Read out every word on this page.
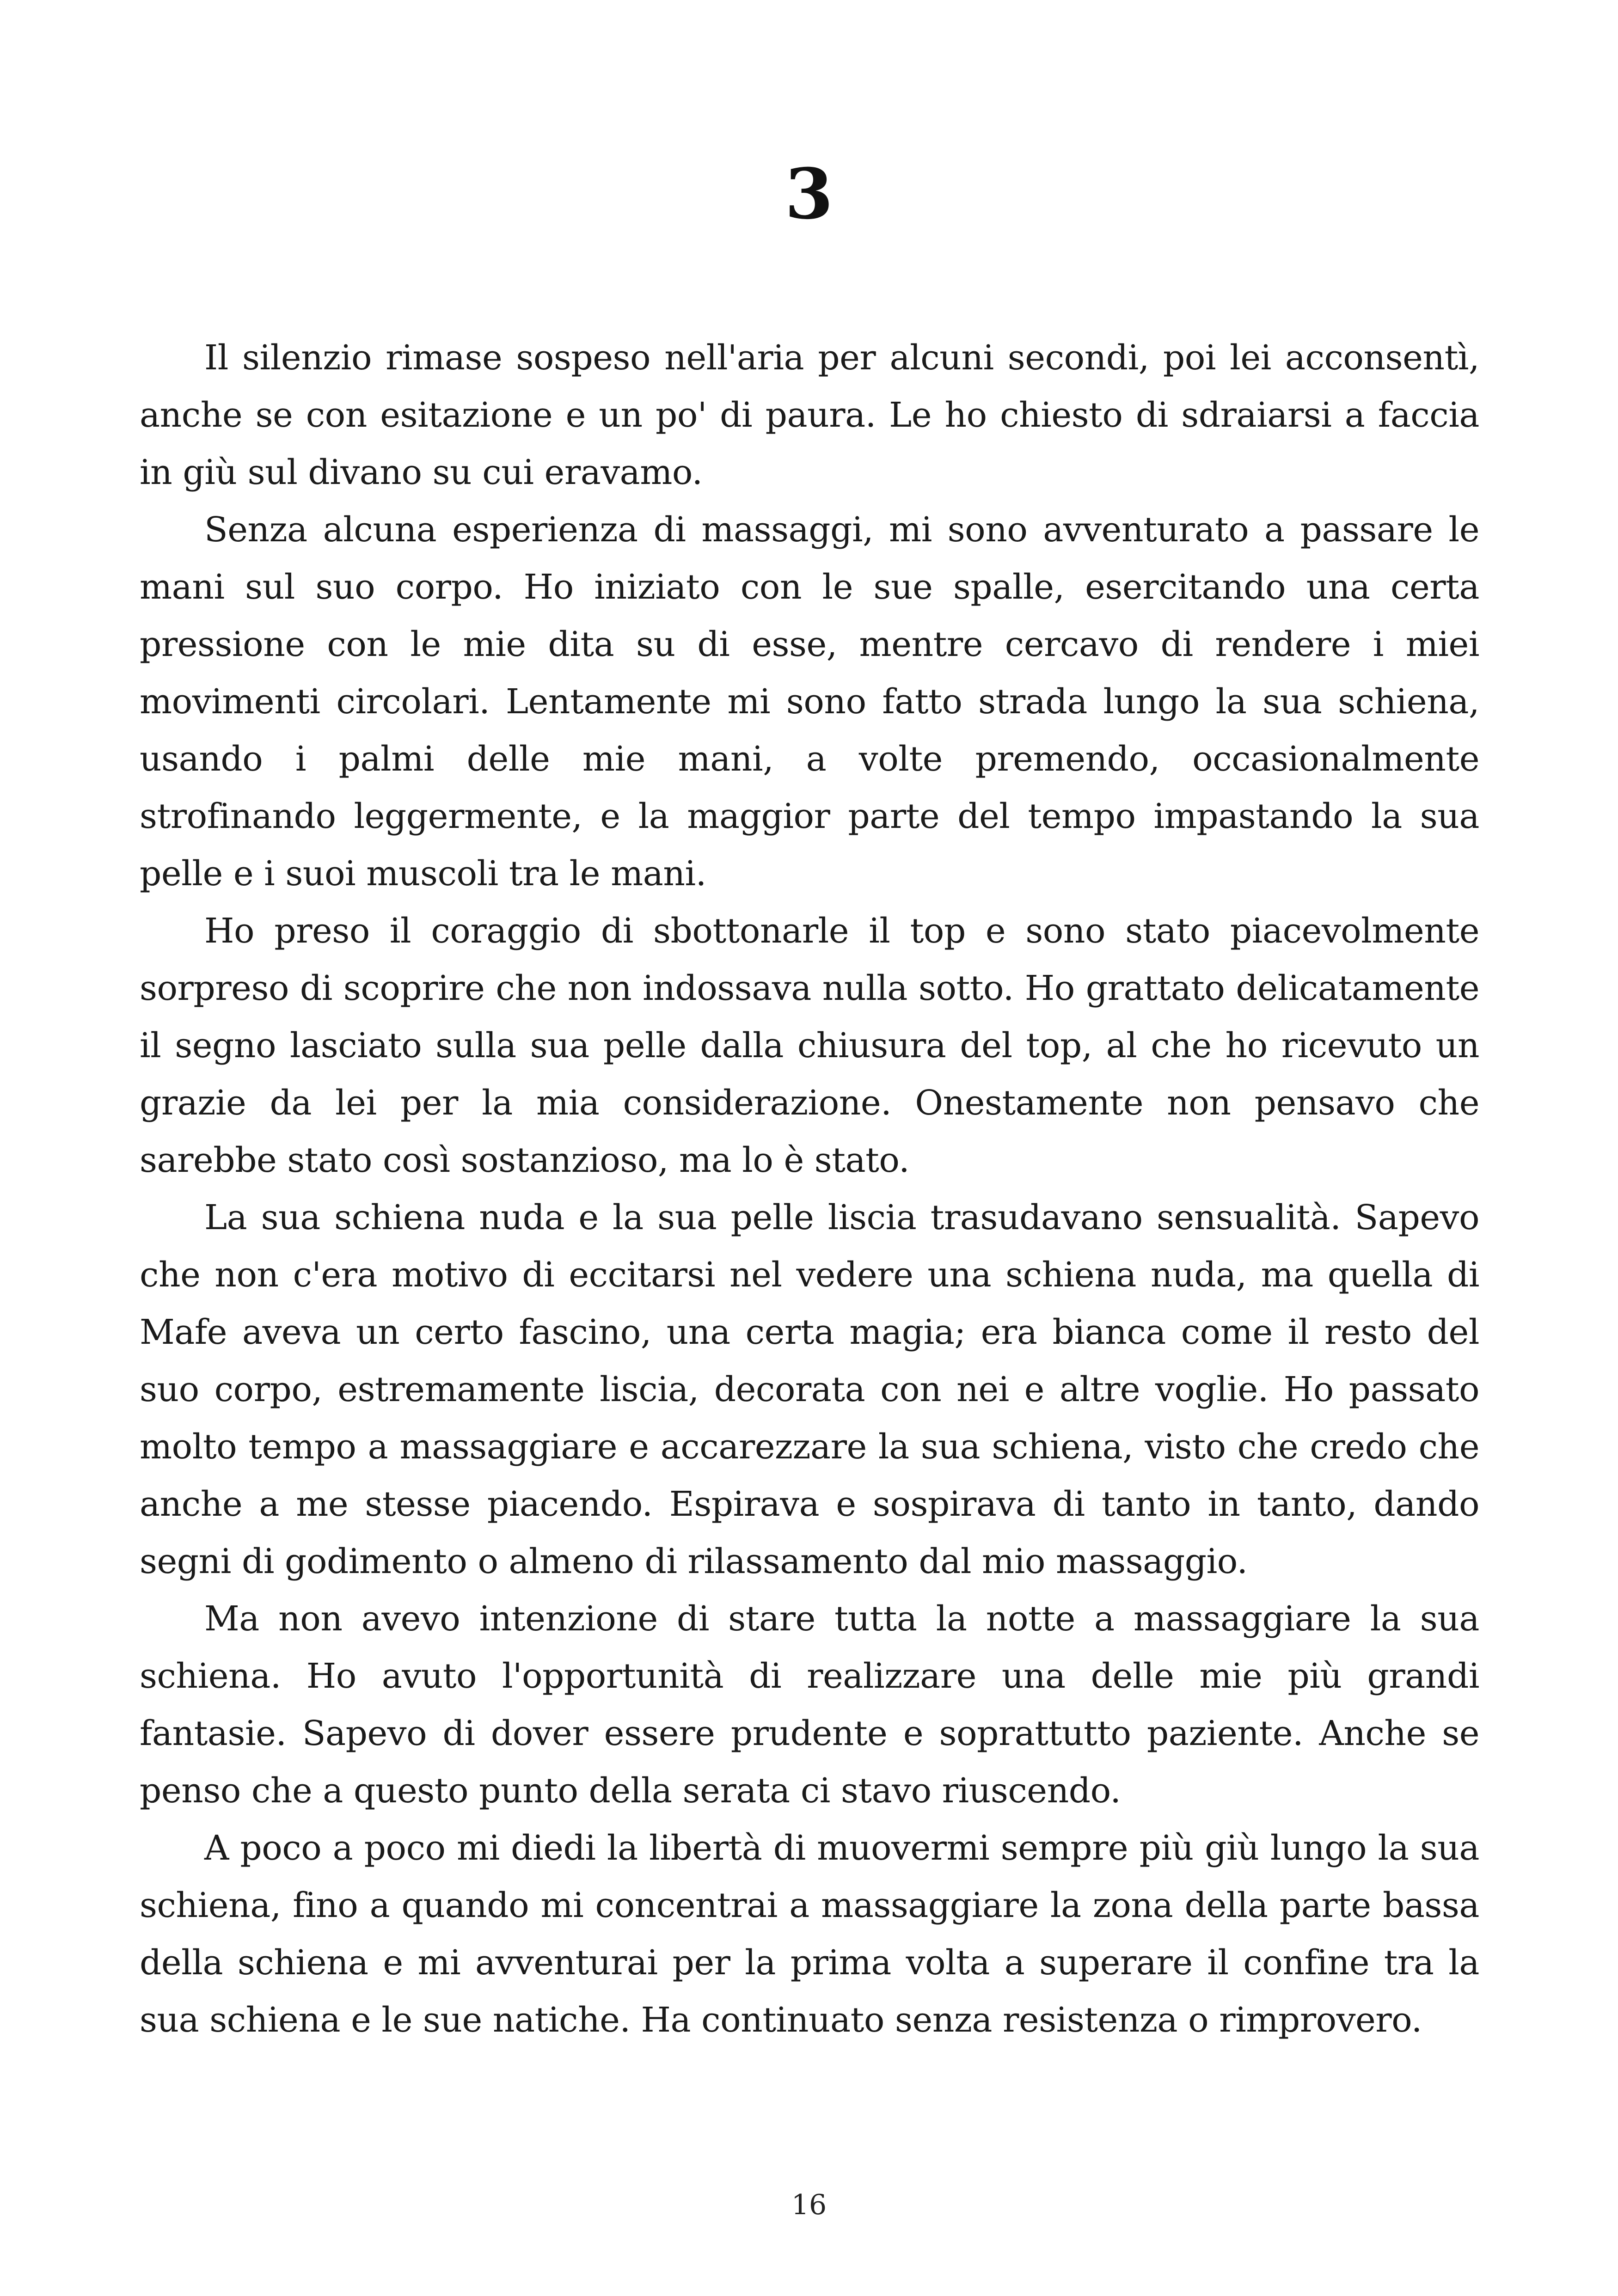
3

Il silenzio rimase sospeso nell'aria per alcuni secondi, poi lei acconsentì, anche se con esitazione e un po' di paura. Le ho chiesto di sdraiarsi a faccia in giù sul divano su cui eravamo.

Senza alcuna esperienza di massaggi, mi sono avventurato a passare le mani sul suo corpo. Ho iniziato con le sue spalle, esercitando una certa pressione con le mie dita su di esse, mentre cercavo di rendere i miei movimenti circolari. Lentamente mi sono fatto strada lungo la sua schiena, usando i palmi delle mie mani, a volte premendo, occasionalmente strofinando leggermente, e la maggior parte del tempo impastando la sua pelle e i suoi muscoli tra le mani.

Ho preso il coraggio di sbottonarle il top e sono stato piacevolmente sorpreso di scoprire che non indossava nulla sotto. Ho grattato delicatamente il segno lasciato sulla sua pelle dalla chiusura del top, al che ho ricevuto un grazie da lei per la mia considerazione. Onestamente non pensavo che sarebbe stato così sostanzioso, ma lo è stato.

La sua schiena nuda e la sua pelle liscia trasudavano sensualità. Sapevo che non c'era motivo di eccitarsi nel vedere una schiena nuda, ma quella di Mafe aveva un certo fascino, una certa magia; era bianca come il resto del suo corpo, estremamente liscia, decorata con nei e altre voglie. Ho passato molto tempo a massaggiare e accarezzare la sua schiena, visto che credo che anche a me stesse piacendo. Espirava e sospirava di tanto in tanto, dando segni di godimento o almeno di rilassamento dal mio massaggio.

Ma non avevo intenzione di stare tutta la notte a massaggiare la sua schiena. Ho avuto l'opportunità di realizzare una delle mie più grandi fantasie. Sapevo di dover essere prudente e soprattutto paziente. Anche se penso che a questo punto della serata ci stavo riuscendo.

A poco a poco mi diedi la libertà di muovermi sempre più giù lungo la sua schiena, fino a quando mi concentrai a massaggiare la zona della parte bassa della schiena e mi avventurai per la prima volta a superare il confine tra la sua schiena e le sue natiche. Ha continuato senza resistenza o rimprovero.

16
